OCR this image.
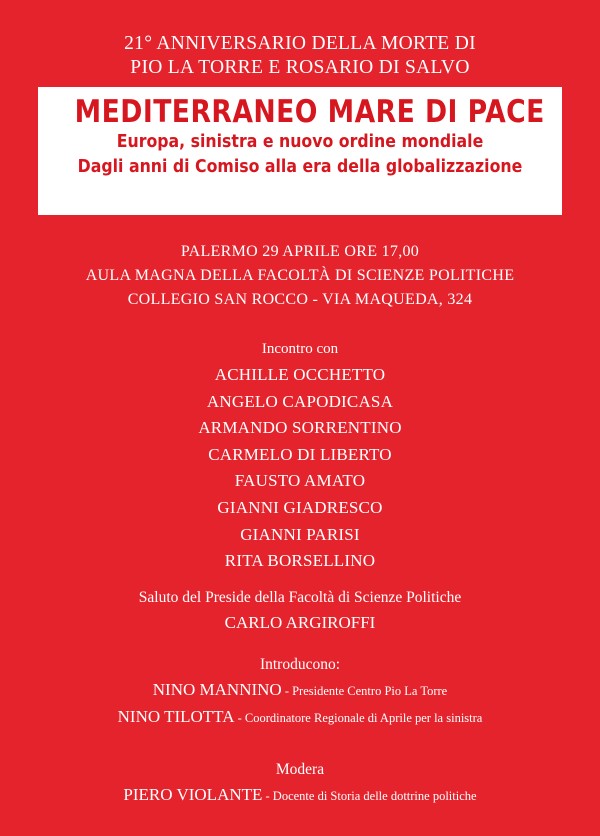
21° ANNIVERSARIO DELLA MORTE DI
PIO LA TORRE E ROSARIO DI SALVO
MEDITERRANEO MARE DI PACE
Europa, sinistra e nuovo ordine mondiale
Dagli anni di Comiso alla era della globalizzazione
PALERMO 29 APRILE ORE 17,00
AULA MAGNA DELLA FACOLTÀ DI SCIENZE POLITICHE
COLLEGIO SAN ROCCO - VIA MAQUEDA, 324
Incontro con
ACHILLE OCCHETTO
ANGELO CAPODICASA
ARMANDO SORRENTINO
CARMELO DI LIBERTO
FAUSTO AMATO
GIANNI GIADRESCO
GIANNI PARISI
RITA BORSELLINO
Saluto del Preside della Facoltà di Scienze Politiche
CARLO ARGIROFFI
Introducono:
NINO MANNINO - Presidente Centro Pio La Torre
NINO TILOTTA - Coordinatore Regionale di Aprile per la sinistra
Modera
PIERO VIOLANTE - Docente di Storia delle dottrine politiche
